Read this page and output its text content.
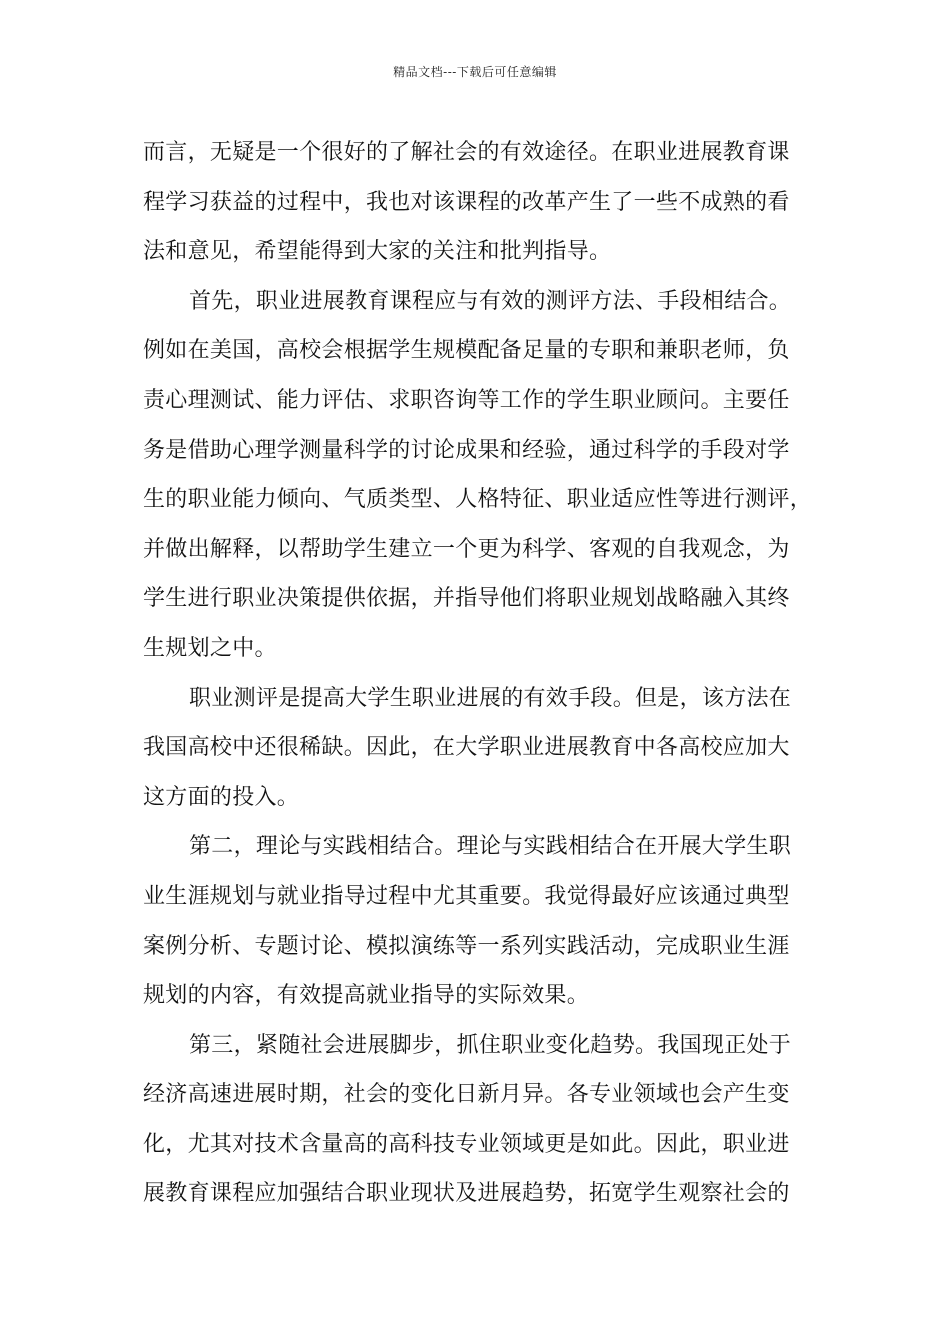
精品文档---下载后可任意编辑
而言，无疑是一个很好的了解社会的有效途径。在职业进展教育课
程学习获益的过程中，我也对该课程的改革产生了一些不成熟的看
法和意见，希望能得到大家的关注和批判指导。
首先，职业进展教育课程应与有效的测评方法、手段相结合。
例如在美国，高校会根据学生规模配备足量的专职和兼职老师，负
责心理测试、能力评估、求职咨询等工作的学生职业顾问。主要任
务是借助心理学测量科学的讨论成果和经验，通过科学的手段对学
生的职业能力倾向、气质类型、人格特征、职业适应性等进行测评，
并做出解释，以帮助学生建立一个更为科学、客观的自我观念，为
学生进行职业决策提供依据，并指导他们将职业规划战略融入其终
生规划之中。
职业测评是提高大学生职业进展的有效手段。但是，该方法在
我国高校中还很稀缺。因此，在大学职业进展教育中各高校应加大
这方面的投入。
第二，理论与实践相结合。理论与实践相结合在开展大学生职
业生涯规划与就业指导过程中尤其重要。我觉得最好应该通过典型
案例分析、专题讨论、模拟演练等一系列实践活动，完成职业生涯
规划的内容，有效提高就业指导的实际效果。
第三，紧随社会进展脚步，抓住职业变化趋势。我国现正处于
经济高速进展时期，社会的变化日新月异。各专业领域也会产生变
化，尤其对技术含量高的高科技专业领域更是如此。因此，职业进
展教育课程应加强结合职业现状及进展趋势，拓宽学生观察社会的
